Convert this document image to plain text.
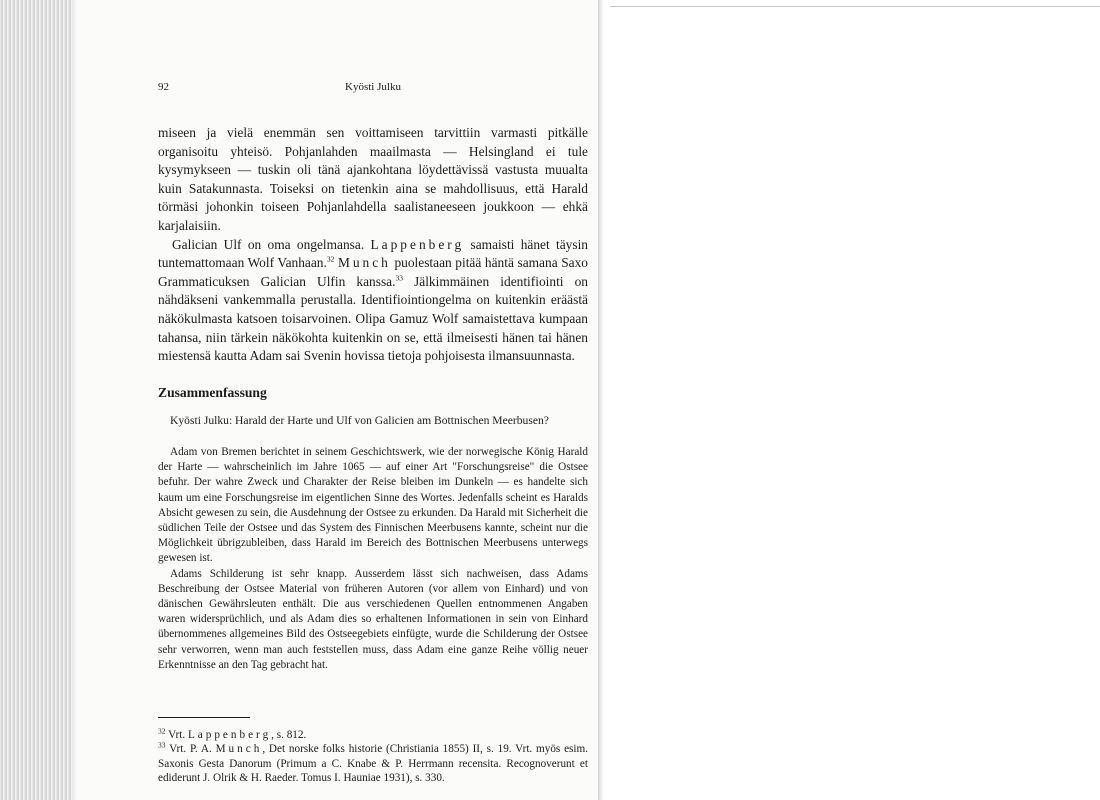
92	Kyösti Julku

miseen ja vielä enemmän sen voittamiseen tarvittiin varmasti pitkälle organisoitu yhteisö. Pohjanlahden maailmasta — Helsingland ei tule kysymykseen — tuskin oli tänä ajankohtana löydettävissä vastusta muualta kuin Satakunnasta. Toiseksi on tietenkin aina se mahdollisuus, että Harald törmäsi johonkin toiseen Pohjanlahdella saalistaneeseen joukkoon — ehkä karjalaisiin.

Galician Ulf on oma ongelmansa. Lappenberg samaisti hänet täysin tuntemattomaan Wolf Vanhaan.$^{32}$ Munch puolestaan pitää häntä samana Saxo Grammaticuksen Galician Ulfin kanssa.$^{33}$ Jälkimmäinen identifiointi on nähdäkseni vankemmalla perustalla. Identifiointiongelma on kuitenkin eräästä näkökulmasta katsoen toisarvoinen. Olipa Gamuz Wolf samaistettava kumpaan tahansa, niin tärkein näkökohta kuitenkin on se, että ilmeisesti hänen tai hänen miestensä kautta Adam sai Svenin hovissa tietoja pohjoisesta ilmansuunnasta.

Zusammenfassung
Kyösti Julku: Harald der Harte und Ulf von Galicien am Bottnischen Meerbusen?

Adam von Bremen berichtet in seinem Geschichtswerk, wie der norwegische König Harald der Harte — wahrscheinlich im Jahre 1065 — auf einer Art "Forschungsreise" die Ostsee befuhr. Der wahre Zweck und Charakter der Reise bleiben im Dunkeln — es handelte sich kaum um eine Forschungsreise im eigentlichen Sinne des Wortes. Jedenfalls scheint es Haralds Absicht gewesen zu sein, die Ausdehnung der Ostsee zu erkunden. Da Harald mit Sicherheit die südlichen Teile der Ostsee und das System des Finnischen Meerbusens kannte, scheint nur die Möglichkeit übrigzubleiben, dass Harald im Bereich des Bottnischen Meerbusens unterwegs gewesen ist.

Adams Schilderung ist sehr knapp. Ausserdem lässt sich nachweisen, dass Adams Beschreibung der Ostsee Material von früheren Autoren (vor allem von Einhard) und von dänischen Gewährsleuten enthält. Die aus verschiedenen Quellen entnommenen Angaben waren widersprüchlich, und als Adam dies so erhaltenen Informationen in sein von Einhard übernommenes allgemeines Bild des Ostseegebiets einfügte, wurde die Schilderung der Ostsee sehr verworren, wenn man auch feststellen muss, dass Adam eine ganze Reihe völlig neuer Erkenntnisse an den Tag gebracht hat.

$^{32}$ Vrt. Lappenberg, s. 812.

$^{33}$ Vrt. P. A. Munch, Det norske folks historie (Christiania 1855) II, s. 19. Vrt. myös esim. Saxonis Gesta Danorum (Primum a C. Knabe & P. Herrmann recensita. Recognoverunt et ediderunt J. Olrik & H. Raeder. Tomus I. Hauniae 1931), s. 330.
